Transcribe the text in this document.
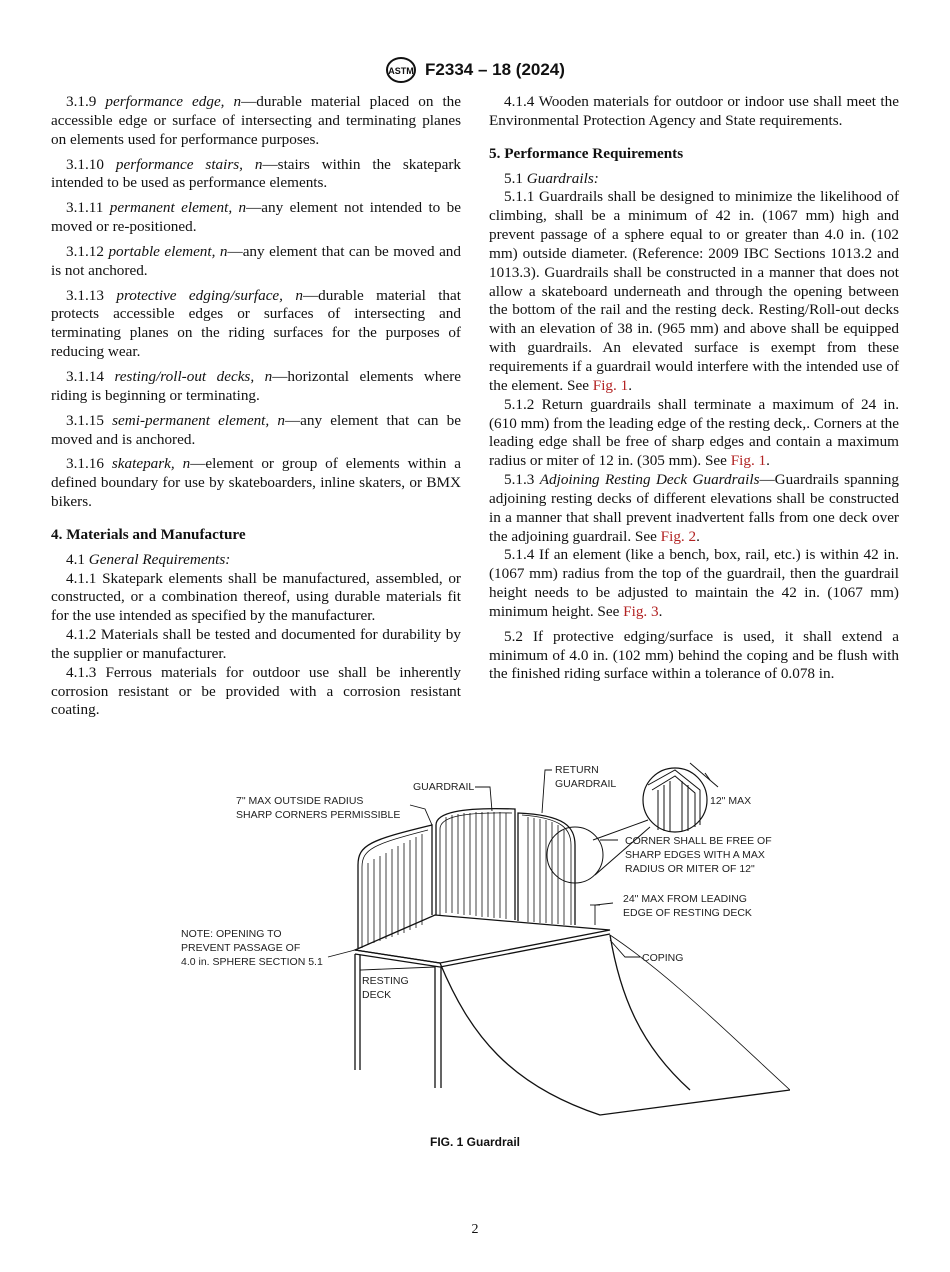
ASTM F2334 – 18 (2024)

3.1.9 performance edge, n—durable material placed on the accessible edge or surface of intersecting and terminating planes on elements used for performance purposes.

3.1.10 performance stairs, n—stairs within the skatepark intended to be used as performance elements.

3.1.11 permanent element, n—any element not intended to be moved or re-positioned.

3.1.12 portable element, n—any element that can be moved and is not anchored.

3.1.13 protective edging/surface, n—durable material that protects accessible edges or surfaces of intersecting and terminating planes on the riding surfaces for the purposes of reducing wear.

3.1.14 resting/roll-out decks, n—horizontal elements where riding is beginning or terminating.

3.1.15 semi-permanent element, n—any element that can be moved and is anchored.

3.1.16 skatepark, n—element or group of elements within a defined boundary for use by skateboarders, inline skaters, or BMX bikers.

4. Materials and Manufacture

4.1 General Requirements:

4.1.1 Skatepark elements shall be manufactured, assembled, or constructed, or a combination thereof, using durable materials fit for the use intended as specified by the manufacturer.

4.1.2 Materials shall be tested and documented for durability by the supplier or manufacturer.

4.1.3 Ferrous materials for outdoor use shall be inherently corrosion resistant or be provided with a corrosion resistant coating.

4.1.4 Wooden materials for outdoor or indoor use shall meet the Environmental Protection Agency and State requirements.

5. Performance Requirements

5.1 Guardrails:

5.1.1 Guardrails shall be designed to minimize the likelihood of climbing, shall be a minimum of 42 in. (1067 mm) high and prevent passage of a sphere equal to or greater than 4.0 in. (102 mm) outside diameter. (Reference: 2009 IBC Sections 1013.2 and 1013.3). Guardrails shall be constructed in a manner that does not allow a skateboard underneath and through the opening between the bottom of the rail and the resting deck. Resting/Roll-out decks with an elevation of 38 in. (965 mm) and above shall be equipped with guardrails. An elevated surface is exempt from these requirements if a guardrail would interfere with the intended use of the element. See Fig. 1.

5.1.2 Return guardrails shall terminate a maximum of 24 in. (610 mm) from the leading edge of the resting deck,. Corners at the leading edge shall be free of sharp edges and contain a maximum radius or miter of 12 in. (305 mm). See Fig. 1.

5.1.3 Adjoining Resting Deck Guardrails—Guardrails spanning adjoining resting decks of different elevations shall be constructed in a manner that shall prevent inadvertent falls from one deck over the adjoining guardrail. See Fig. 2.

5.1.4 If an element (like a bench, box, rail, etc.) is within 42 in. (1067 mm) radius from the top of the guardrail, then the guardrail height needs to be adjusted to maintain the 42 in. (1067 mm) minimum height. See Fig. 3.

5.2 If protective edging/surface is used, it shall extend a minimum of 4.0 in. (102 mm) behind the coping and be flush with the finished riding surface within a tolerance of 0.078 in.

7" MAX OUTSIDE RADIUS
SHARP CORNERS PERMISSIBLE
GUARDRAIL
RETURN
GUARDRAIL
12" MAX
CORNER SHALL BE FREE OF
SHARP EDGES WITH A MAX
RADIUS OR MITER OF 12"
24" MAX FROM LEADING
EDGE OF RESTING DECK
NOTE: OPENING TO
PREVENT PASSAGE OF
4.0 in. SPHERE SECTION 5.1	COPING
RESTING
DECK
FIG. 1 Guardrail
2
